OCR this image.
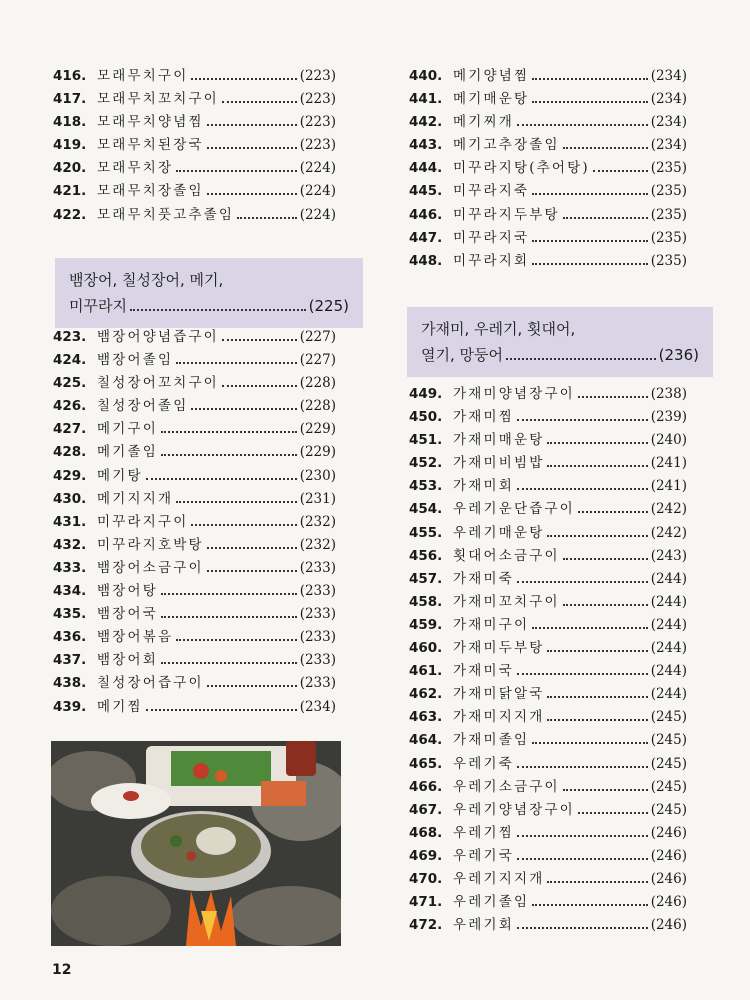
416. 모래무치구이	(223)
417. 모래무치꼬치구이	(223)
418. 모래무치양념찜	(223)
419. 모래무치된장국	(223)
420. 모래무치장	(224)
421. 모래무치장졸임	(224)
422. 모래무치풋고추졸임	(224)
뱀장어, 칠성장어, 메기,
미꾸라지	(225)
423. 뱀장어양념즙구이	(227)
424. 뱀장어졸임	(227)
425. 칠성장어꼬치구이	(228)
426. 칠성장어졸임	(228)
427. 메기구이	(229)
428. 메기졸임	(229)
429. 메기탕	(230)
430. 메기지지개	(231)
431. 미꾸라지구이	(232)
432. 미꾸라지호박탕	(232)
433. 뱀장어소금구이	(233)
434. 뱀장어탕	(233)
435. 뱀장어국	(233)
436. 뱀장어볶음	(233)
437. 뱀장어회	(233)
438. 칠성장어즙구이	(233)
439. 메기찜	(234)
440. 메기양념찜	(234)
441. 메기매운탕	(234)
442. 메기찌개	(234)
443. 메기고추장졸임	(234)
444. 미꾸라지탕(추어탕)	(235)
445. 미꾸라지죽	(235)
446. 미꾸라지두부탕	(235)
447. 미꾸라지국	(235)
448. 미꾸라지회	(235)
가재미, 우레기, 횟대어,
열기, 망둥어	(236)
449. 가재미양념장구이	(238)
450. 가재미찜	(239)
451. 가재미매운탕	(240)
452. 가재미비빔밥	(241)
453. 가재미회	(241)
454. 우레기운단즙구이	(242)
455. 우레기매운탕	(242)
456. 횟대어소금구이	(243)
457. 가재미죽	(244)
458. 가재미꼬치구이	(244)
459. 가재미구이	(244)
460. 가재미두부탕	(244)
461. 가재미국	(244)
462. 가재미닭알국	(244)
463. 가재미지지개	(245)
464. 가재미졸임	(245)
465. 우레기죽	(245)
466. 우레기소금구이	(245)
467. 우레기양념장구이	(245)
468. 우레기찜	(246)
469. 우레기국	(246)
470. 우레기지지개	(246)
471. 우레기졸임	(246)
472. 우레기회	(246)
12
